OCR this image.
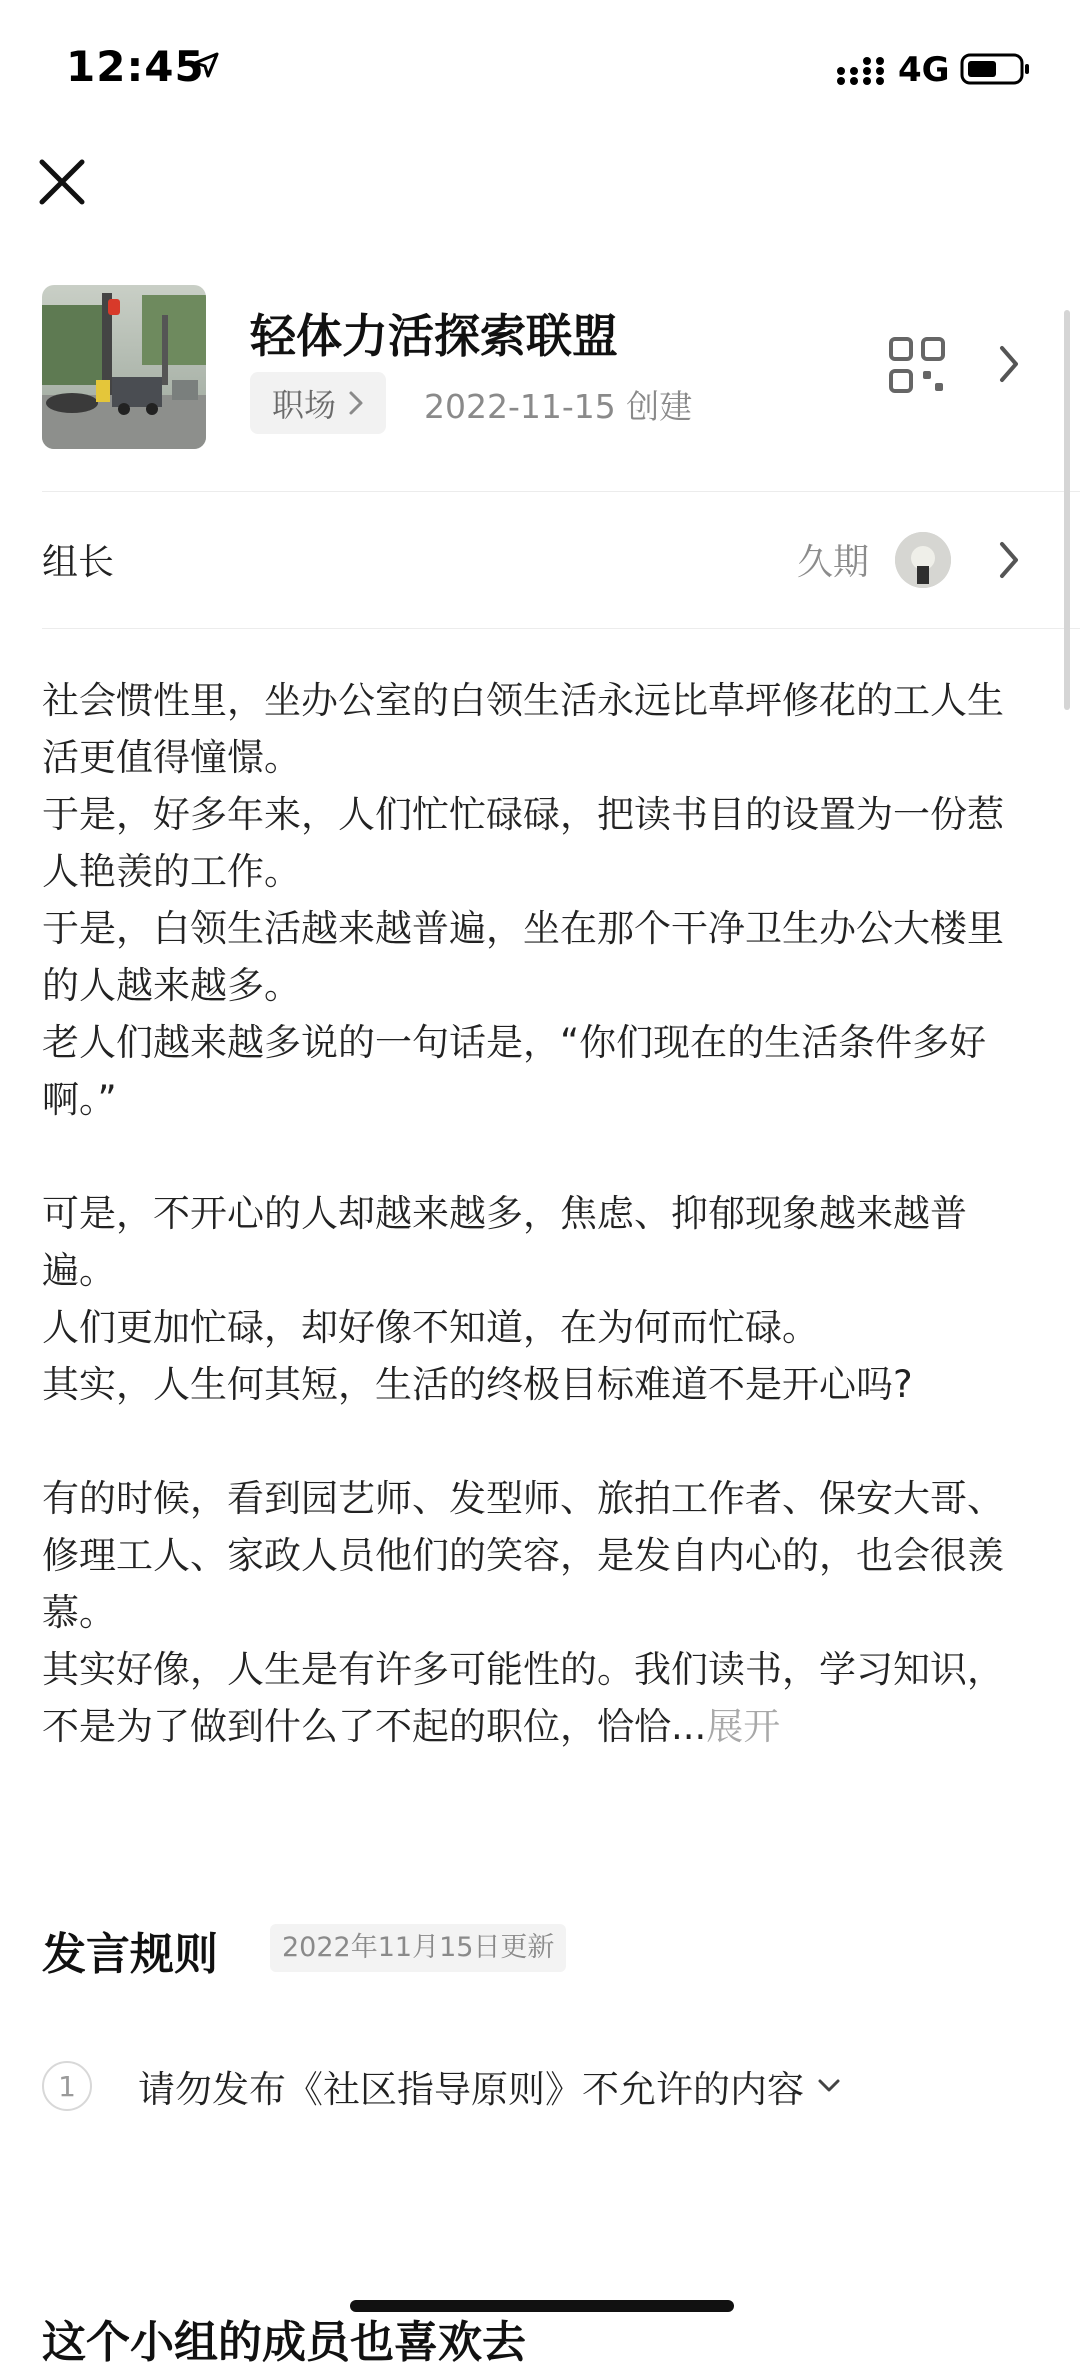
12:45	4G
轻体力活探索联盟
职场	2022-11-15 创建
组长	久期
社会惯性里，坐办公室的白领生活永远比草坪修花的工人生活更值得憧憬。
于是，好多年来，人们忙忙碌碌，把读书目的设置为一份惹人艳羡的工作。
于是，白领生活越来越普遍，坐在那个干净卫生办公大楼里的人越来越多。
老人们越来越多说的一句话是，“你们现在的生活条件多好啊。”

可是，不开心的人却越来越多，焦虑、抑郁现象越来越普遍。
人们更加忙碌，却好像不知道，在为何而忙碌。
其实，人生何其短，生活的终极目标难道不是开心吗?

有的时候，看到园艺师、发型师、旅拍工作者、保安大哥、修理工人、家政人员他们的笑容，是发自内心的，也会很羡慕。
其实好像，人生是有许多可能性的。我们读书，学习知识，不是为了做到什么了不起的职位，恰恰...展开
发言规则	2022年11月15日更新
1	请勿发布《社区指导原则》不允许的内容
这个小组的成员也喜欢去
